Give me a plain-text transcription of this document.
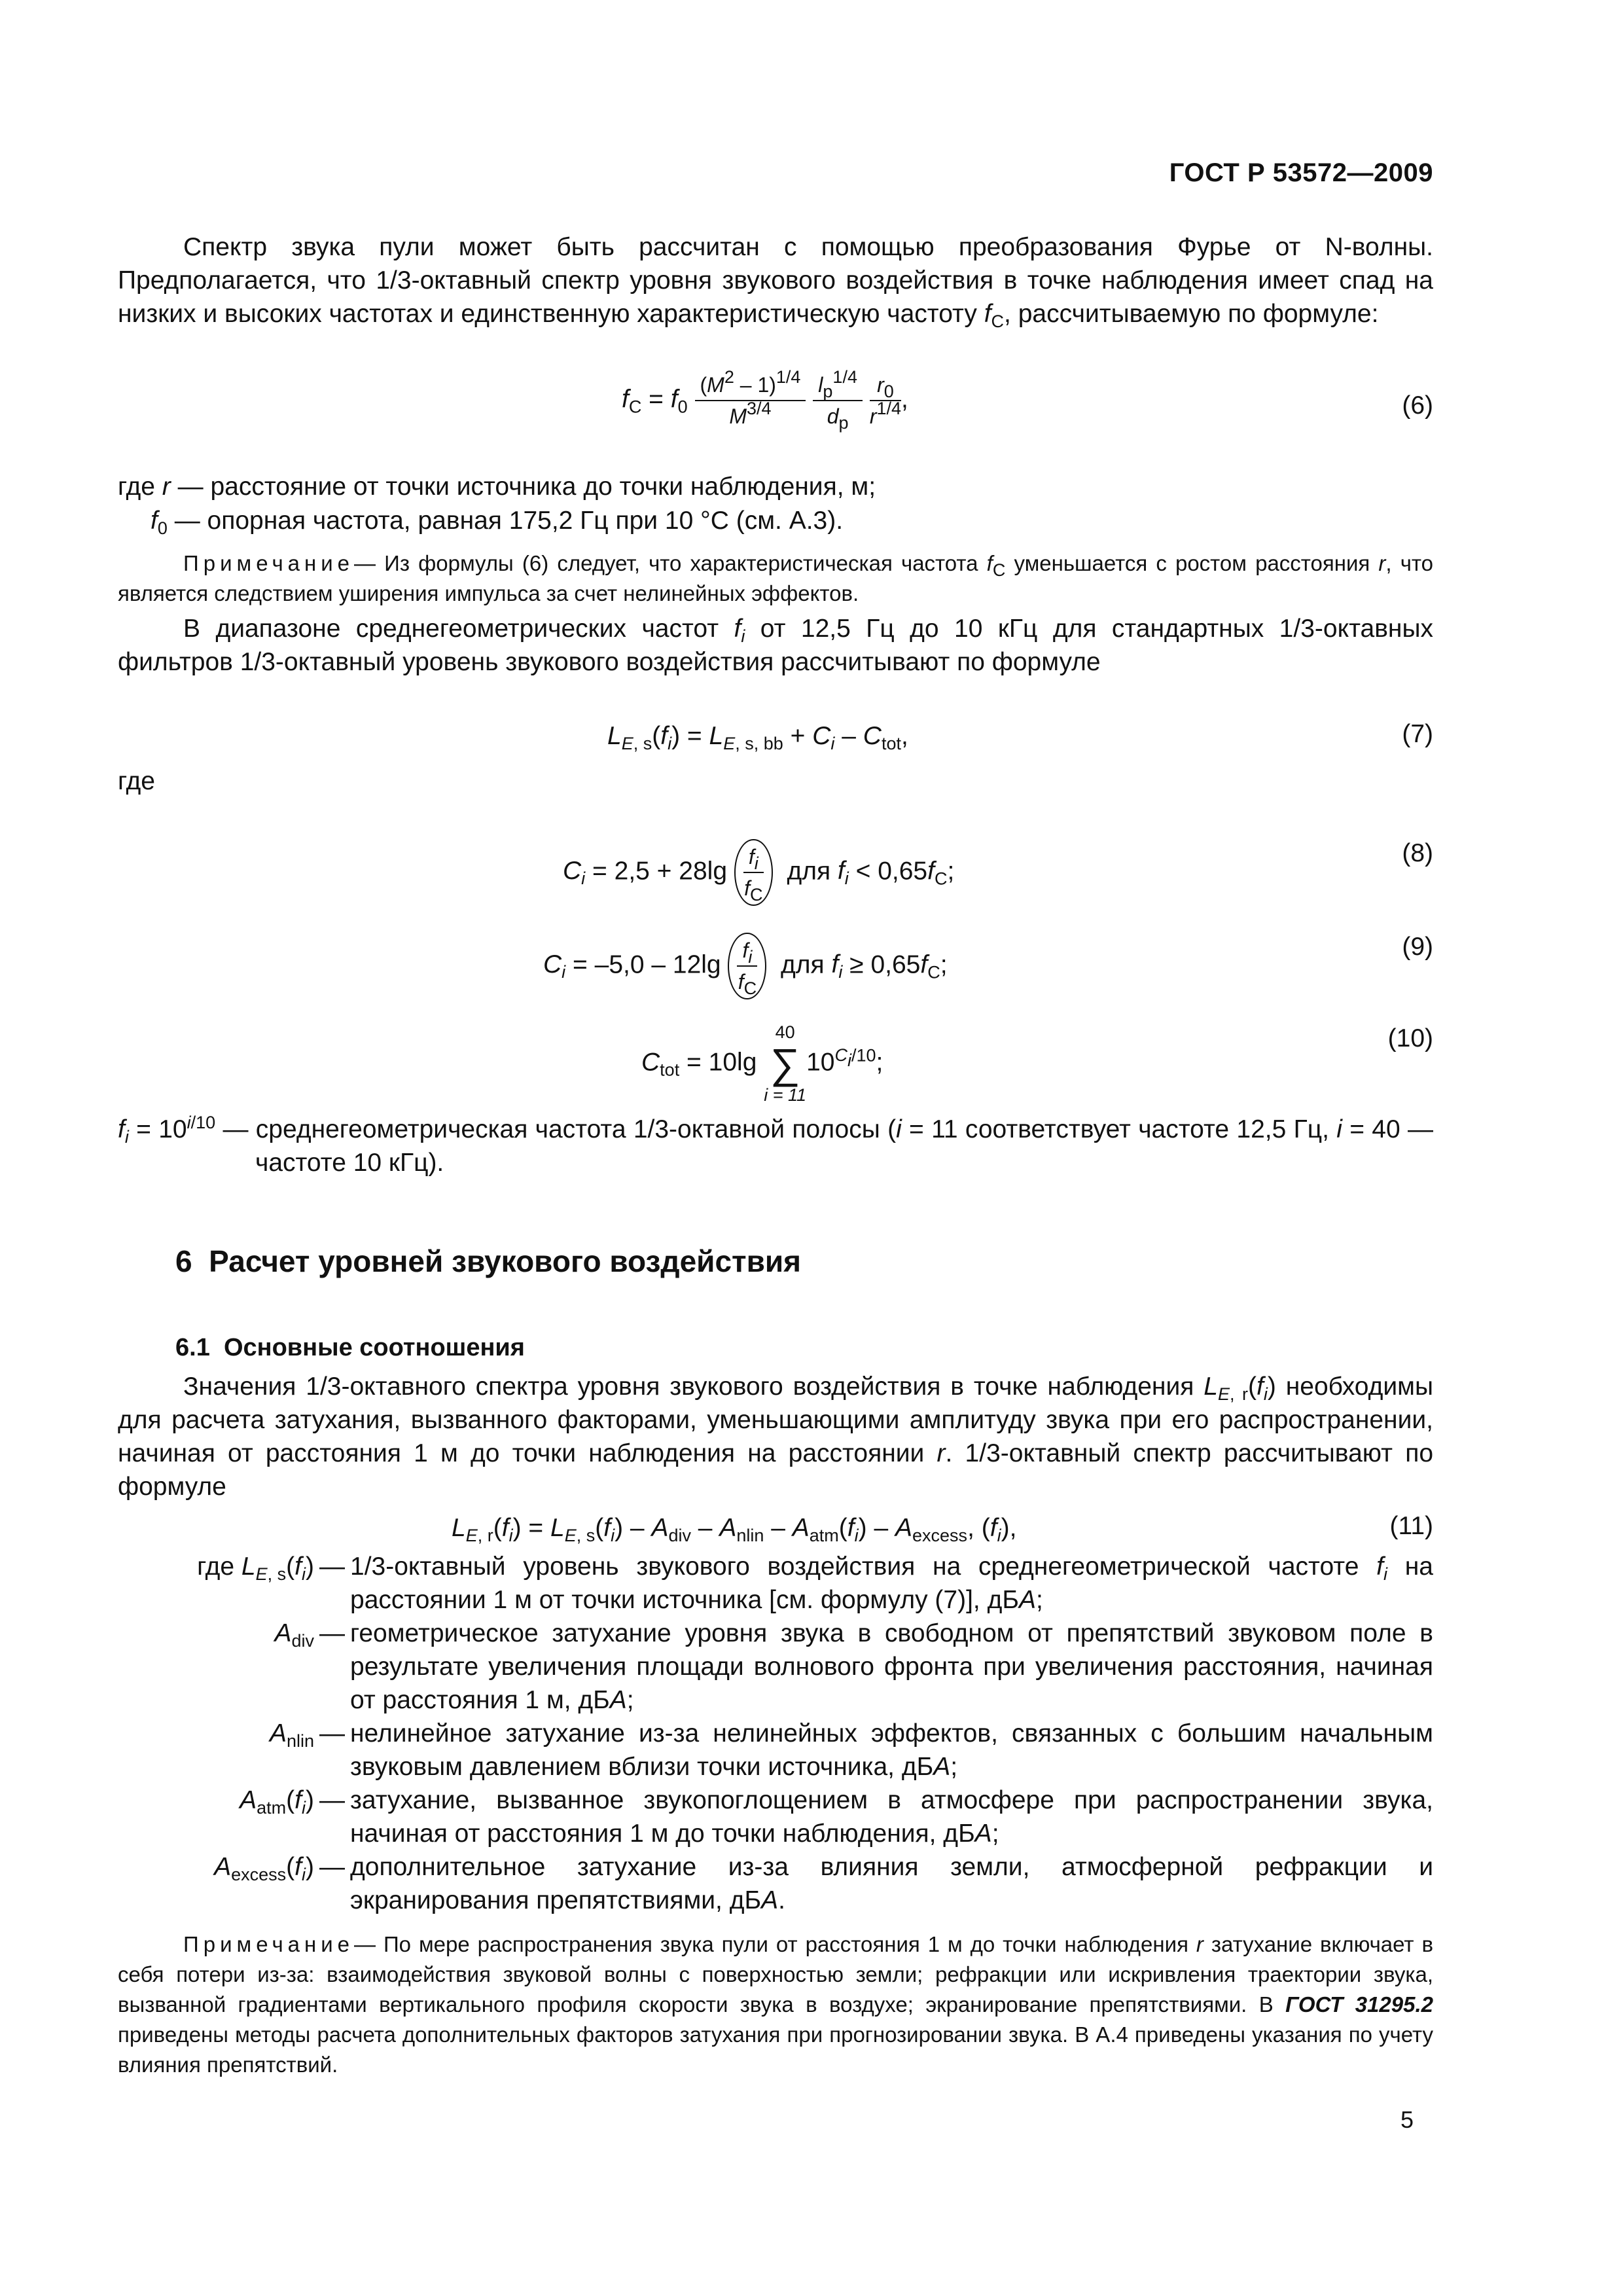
ГОСТ Р 53572—2009
Спектр звука пули может быть рассчитан с помощью преобразования Фурье от N-волны. Предполагается, что 1/3-октавный спектр уровня звукового воздействия в точке наблюдения имеет спад на низких и высоких частотах и единственную характеристическую частоту $f_С$, рассчитываемую по формуле:
$f_С = f_0 \frac{(M^2 - 1)^{1/4}}{M^{3/4}}$
$\frac{l_p^{1/4}}{d_p}$
$\frac{r_0}{r^{1/4}}$ ,	(6)
где r — расстояние от точки источника до точки наблюдения, м;
$f_0$ — опорная частота, равная 175,2 Гц при 10 °С (см. А.3).
Примечание— Из формулы (6) следует, что характеристическая частота $f_С$ уменьшается с ростом расстояния r, что является следствием уширения импульса за счет нелинейных эффектов.
В диапазоне среднегеометрических частот $f_i$ от 12,5 Гц до 10 кГц для стандартных 1/3-октавных фильтров 1/3-октавный уровень звукового воздействия рассчитывают по формуле
$L_{E, s}(f_i) = L_{E, s, bb} + C_i - C_{tot}$,	(7)
где
$C_i = 2,5 + 28\lg \frac{f_i}{f_С}$ для $f_i < 0,65f_С$;
(8)
$C_i = -5,0 - 12\lg \frac{f_i}{f_С}$ для $f_i \ge 0,65f_С$;
(9)
$C_{tot} = 10\lg$
40
∑
i = 11
$10^{C_i/10}$;
(10)
$f_i = 10^{i/10}$ — среднегеометрическая частота 1/3-октавной полосы (i = 11 соответствует частоте 12,5 Гц, i = 40 — частоте 10 кГц).
6 Расчет уровней звукового воздействия
6.1 Основные соотношения
Значения 1/3-октавного спектра уровня звукового воздействия в точке наблюдения $L_{E, r}(f_i)$ необходимы для расчета затухания, вызванного факторами, уменьшающими амплитуду звука при его распространении, начиная от расстояния 1 м до точки наблюдения на расстоянии r. 1/3-октавный спектр рассчитывают по формуле
$L_{E, r}(f_i) = L_{E, s}(f_i) - A_{div} - A_{nlin} - A_{atm}(f_i) - A_{excess}$, $(f_i)$,	(11)
где $L_{E, s}(f_i)$ — 1/3-октавный уровень звукового воздействия на среднегеометрической частоте $f_i$ на расстоянии 1 м от точки источника [см. формулу (7)], дБА;
$A_{div}$ — геометрическое затухание уровня звука в свободном от препятствий звуковом поле в результате увеличения площади волнового фронта при увеличения расстояния, начиная от расстояния 1 м, дБА;
$A_{nlin}$ — нелинейное затухание из-за нелинейных эффектов, связанных с большим начальным звуковым давлением вблизи точки источника, дБА;
$A_{atm}(f_i)$ — затухание, вызванное звукопоглощением в атмосфере при распространении звука, начиная от расстояния 1 м до точки наблюдения, дБА;
$A_{excess}(f_i)$ — дополнительное затухание из-за влияния земли, атмосферной рефракции и экранирования препятствиями, дБА.
Примечание— По мере распространения звука пули от расстояния 1 м до точки наблюдения r затухание включает в себя потери из-за: взаимодействия звуковой волны с поверхностью земли; рефракции или искривления траектории звука, вызванной градиентами вертикального профиля скорости звука в воздухе; экранирование препятствиями. В ГОСТ 31295.2 приведены методы расчета дополнительных факторов затухания при прогнозировании звука. В А.4 приведены указания по учету влияния препятствий.
5
